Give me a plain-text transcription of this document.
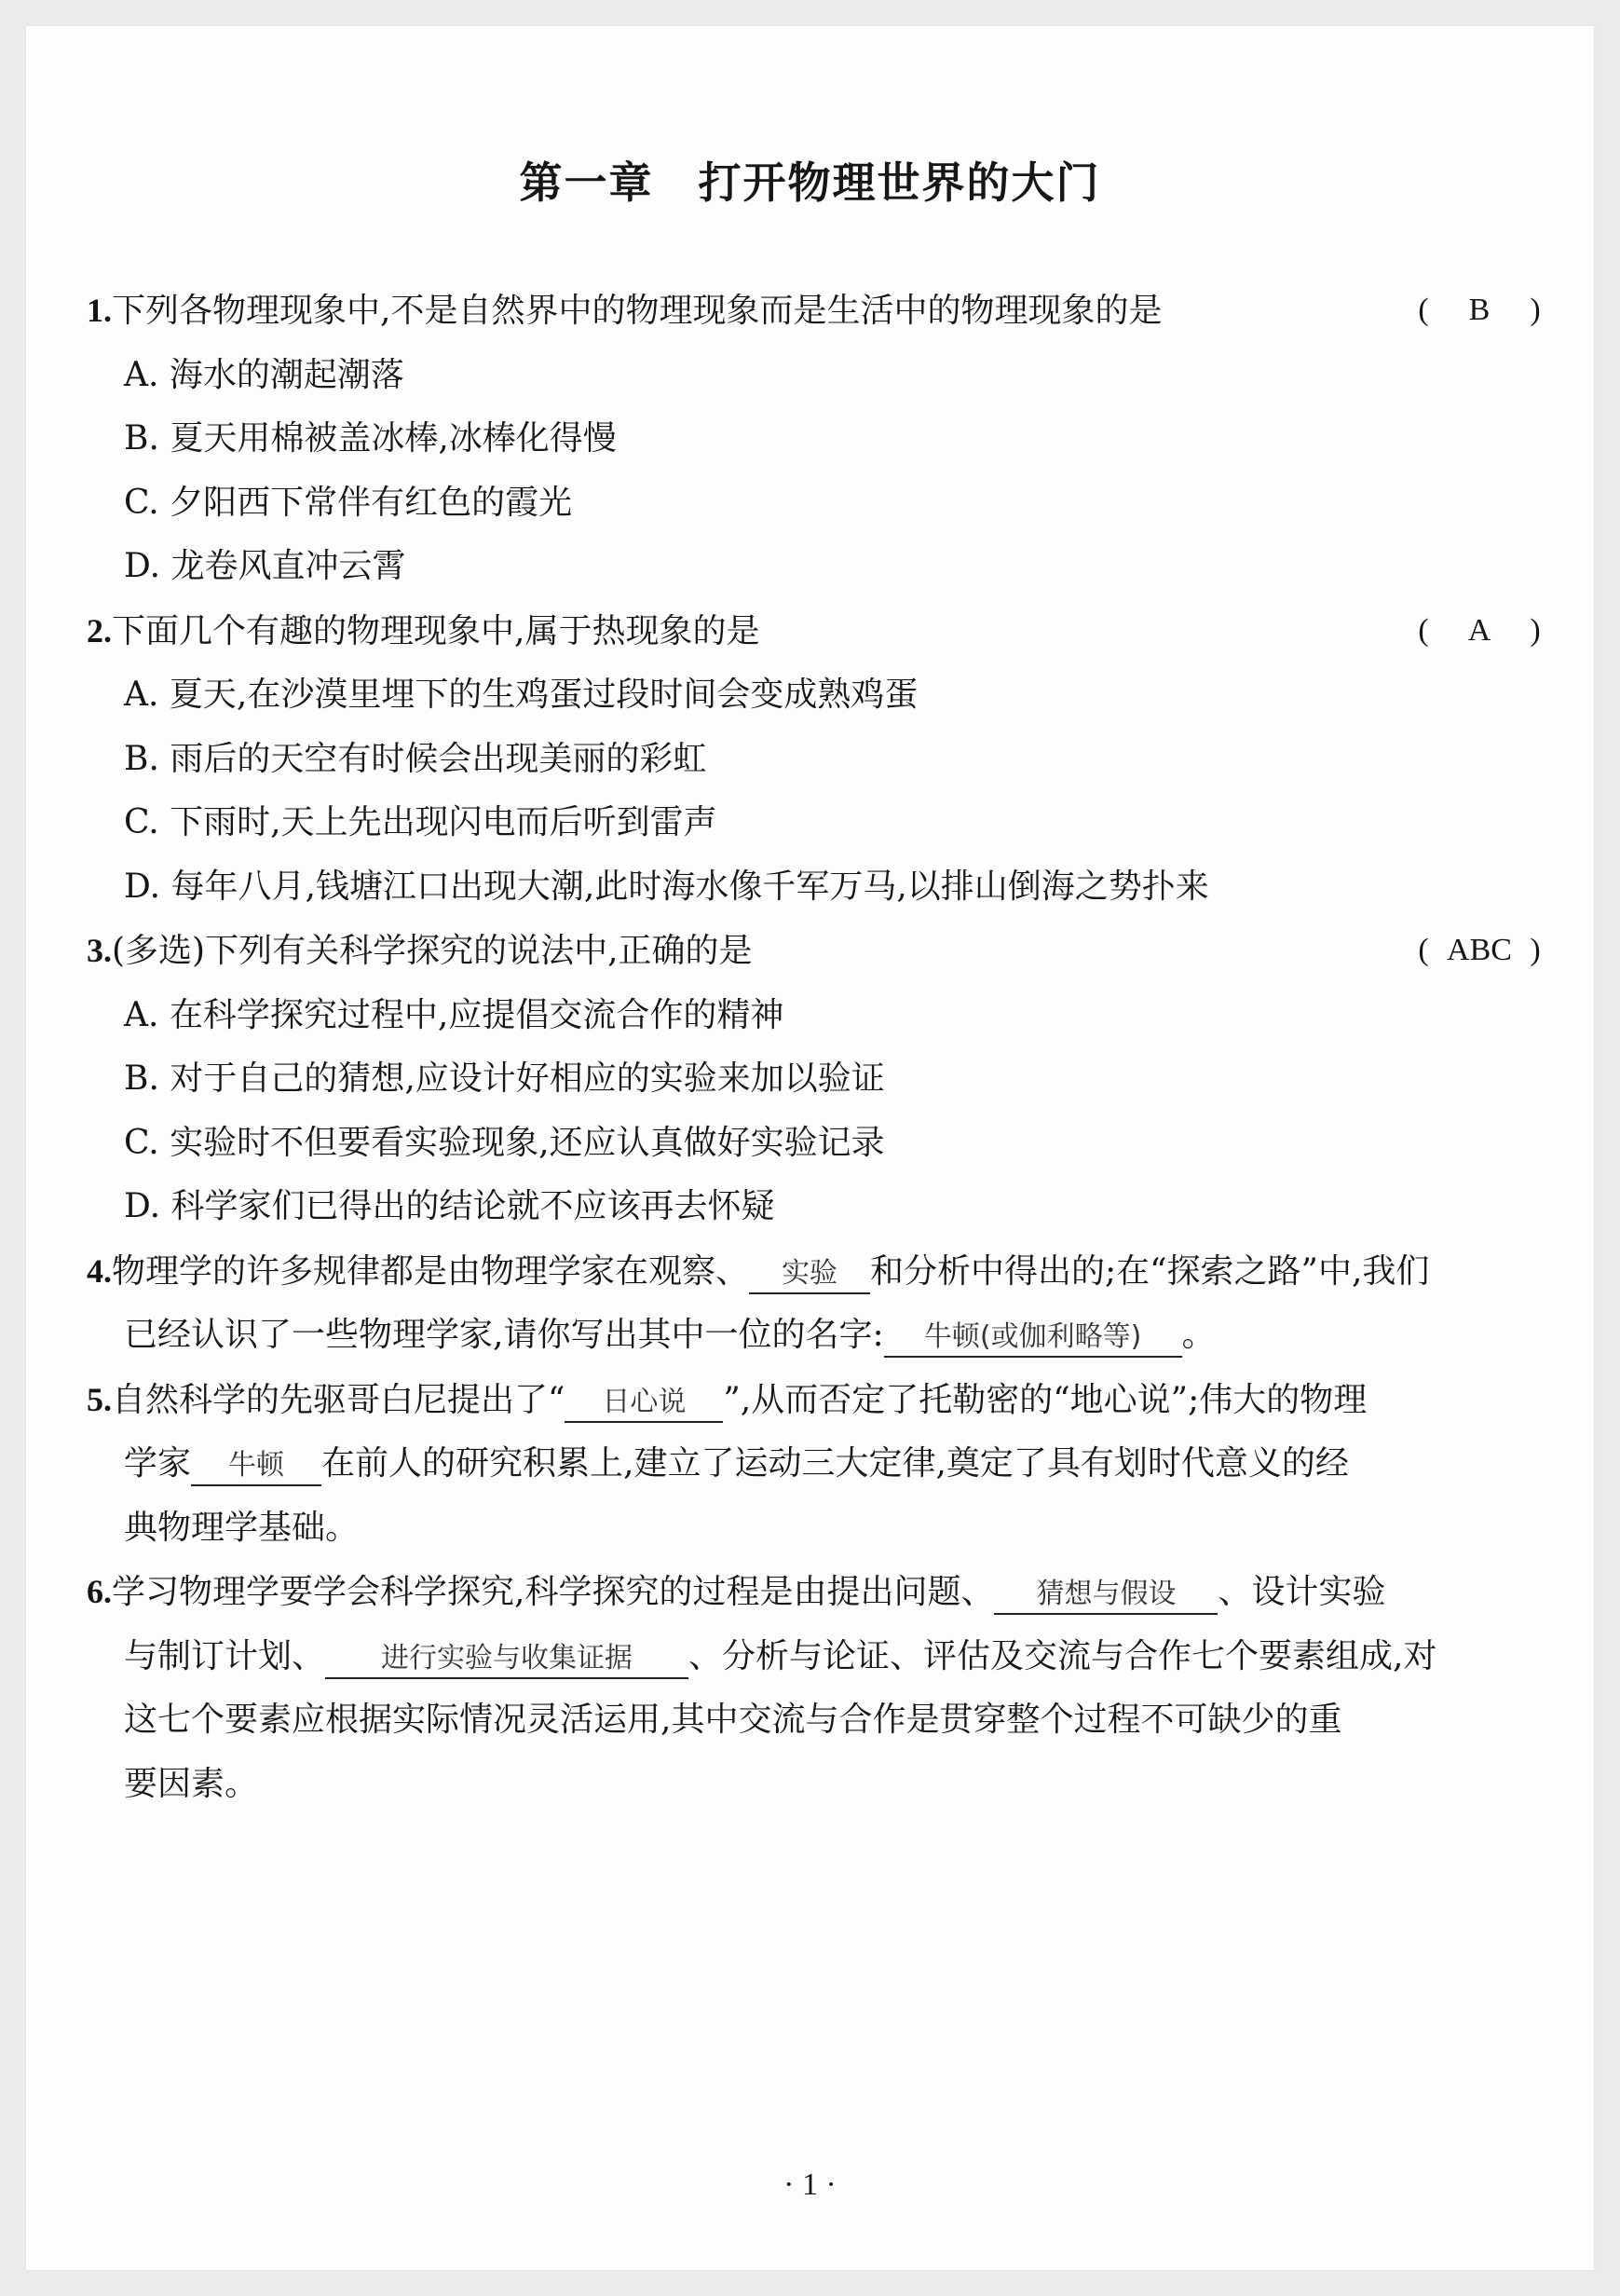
第一章　打开物理世界的大门
1.下列各物理现象中,不是自然界中的物理现象而是生活中的物理现象的是	( B )
A. 海水的潮起潮落
B. 夏天用棉被盖冰棒,冰棒化得慢
C. 夕阳西下常伴有红色的霞光
D. 龙卷风直冲云霄
2.下面几个有趣的物理现象中,属于热现象的是	( A )
A. 夏天,在沙漠里埋下的生鸡蛋过段时间会变成熟鸡蛋
B. 雨后的天空有时候会出现美丽的彩虹
C. 下雨时,天上先出现闪电而后听到雷声
D. 每年八月,钱塘江口出现大潮,此时海水像千军万马,以排山倒海之势扑来
3.(多选)下列有关科学探究的说法中,正确的是	( ABC )
A. 在科学探究过程中,应提倡交流合作的精神
B. 对于自己的猜想,应设计好相应的实验来加以验证
C. 实验时不但要看实验现象,还应认真做好实验记录
D. 科学家们已得出的结论就不应该再去怀疑
4.物理学的许多规律都是由物理学家在观察、 实验 和分析中得出的;在“探索之路”中,我们
已经认识了一些物理学家,请你写出其中一位的名字: 牛顿(或伽利略等) 。
5.自然科学的先驱哥白尼提出了“ 日心说 ”,从而否定了托勒密的“地心说”;伟大的物理
学家 牛顿 在前人的研究积累上,建立了运动三大定律,奠定了具有划时代意义的经
典物理学基础。
6.学习物理学要学会科学探究,科学探究的过程是由提出问题、 猜想与假设 、设计实验
与制订计划、 进行实验与收集证据 、分析与论证、评估及交流与合作七个要素组成,对
这七个要素应根据实际情况灵活运用,其中交流与合作是贯穿整个过程不可缺少的重
要因素。
· 1 ·
